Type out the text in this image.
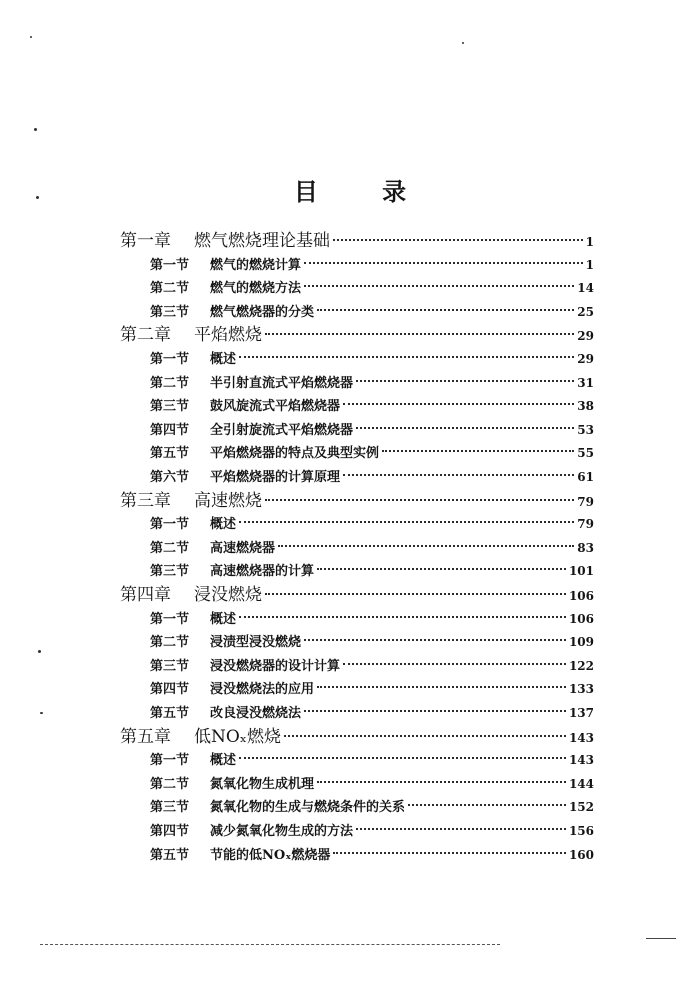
目 录
第一章	燃气燃烧理论基础	1
第一节	燃气的燃烧计算	1
第二节	燃气的燃烧方法	14
第三节	燃气燃烧器的分类	25
第二章	平焰燃烧	29
第一节	概述	29
第二节	半引射直流式平焰燃烧器	31
第三节	鼓风旋流式平焰燃烧器	38
第四节	全引射旋流式平焰燃烧器	53
第五节	平焰燃烧器的特点及典型实例	55
第六节	平焰燃烧器的计算原理	61
第三章	高速燃烧	79
第一节	概述	79
第二节	高速燃烧器	83
第三节	高速燃烧器的计算	101
第四章	浸没燃烧	106
第一节	概述	106
第二节	浸渍型浸没燃烧	109
第三节	浸没燃烧器的设计计算	122
第四节	浸没燃烧法的应用	133
第五节	改良浸没燃烧法	137
第五章	低NOₓ燃烧	143
第一节	概述	143
第二节	氮氧化物生成机理	144
第三节	氮氧化物的生成与燃烧条件的关系	152
第四节	减少氮氧化物生成的方法	156
第五节	节能的低NOₓ燃烧器	160
